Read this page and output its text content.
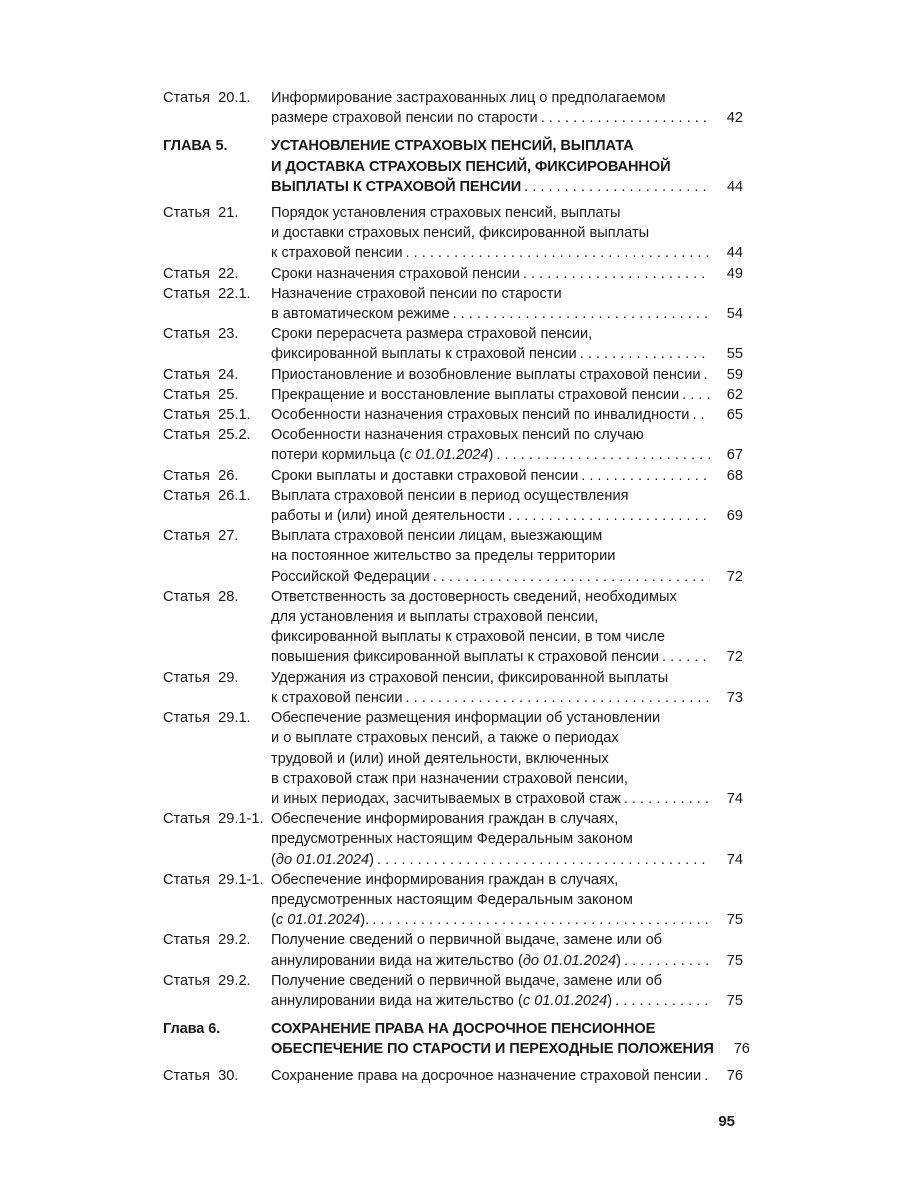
Статья  20.1.	Информирование застрахованных лиц о предполагаемом
размере страховой пенсии по старости . . .	42
ГЛАВА 5.	УСТАНОВЛЕНИЕ СТРАХОВЫХ ПЕНСИЙ, ВЫПЛАТА
И ДОСТАВКА СТРАХОВЫХ ПЕНСИЙ, ФИКСИРОВАННОЙ
ВЫПЛАТЫ К СТРАХОВОЙ ПЕНСИИ . . .	44
Статья  21.	Порядок установления страховых пенсий, выплаты
и доставки страховых пенсий, фиксированной выплаты
к страховой пенсии . . .	44
Статья  22.	Сроки назначения страховой пенсии . . .	49
Статья  22.1.	Назначение страховой пенсии по старости
в автоматическом режиме . . .	54
Статья  23.	Сроки перерасчета размера страховой пенсии,
фиксированной выплаты к страховой пенсии . . .	55
Статья  24.	Приостановление и возобновление выплаты страховой пенсии . . .	59
Статья  25.	Прекращение и восстановление выплаты страховой пенсии . . .	62
Статья  25.1.	Особенности назначения страховых пенсий по инвалидности . . .	65
Статья  25.2.	Особенности назначения страховых пенсий по случаю
потери кормильца (с 01.01.2024) . . .	67
Статья  26.	Сроки выплаты и доставки страховой пенсии . . .	68
Статья  26.1.	Выплата страховой пенсии в период осуществления
работы и (или) иной деятельности . . .	69
Статья  27.	Выплата страховой пенсии лицам, выезжающим
на постоянное жительство за пределы территории
Российской Федерации . . .	72
Статья  28.	Ответственность за достоверность сведений, необходимых
для установления и выплаты страховой пенсии,
фиксированной выплаты к страховой пенсии, в том числе
повышения фиксированной выплаты к страховой пенсии . . .	72
Статья  29.	Удержания из страховой пенсии, фиксированной выплаты
к страховой пенсии . . .	73
Статья  29.1.	Обеспечение размещения информации об установлении
и о выплате страховых пенсий, а также о периодах
трудовой и (или) иной деятельности, включенных
в страховой стаж при назначении страховой пенсии,
и иных периодах, засчитываемых в страховой стаж . . .	74
Статья  29.1-1. Обеспечение информирования граждан в случаях,
предусмотренных настоящим Федеральным законом
(до 01.01.2024) . . .	74
Статья  29.1-1. Обеспечение информирования граждан в случаях,
предусмотренных настоящим Федеральным законом
(с 01.01.2024). . . .	75
Статья  29.2.	Получение сведений о первичной выдаче, замене или об
аннулировании вида на жительство (до 01.01.2024) . . .	75
Статья  29.2.	Получение сведений о первичной выдаче, замене или об
аннулировании вида на жительство (с 01.01.2024) . . .	75
Глава 6.	СОХРАНЕНИЕ ПРАВА НА ДОСРОЧНОЕ ПЕНСИОННОЕ
ОБЕСПЕЧЕНИЕ ПО СТАРОСТИ И ПЕРЕХОДНЫЕ ПОЛОЖЕНИЯ	76
Статья  30.	Сохранение права на досрочное назначение страховой пенсии . . .	76
95
